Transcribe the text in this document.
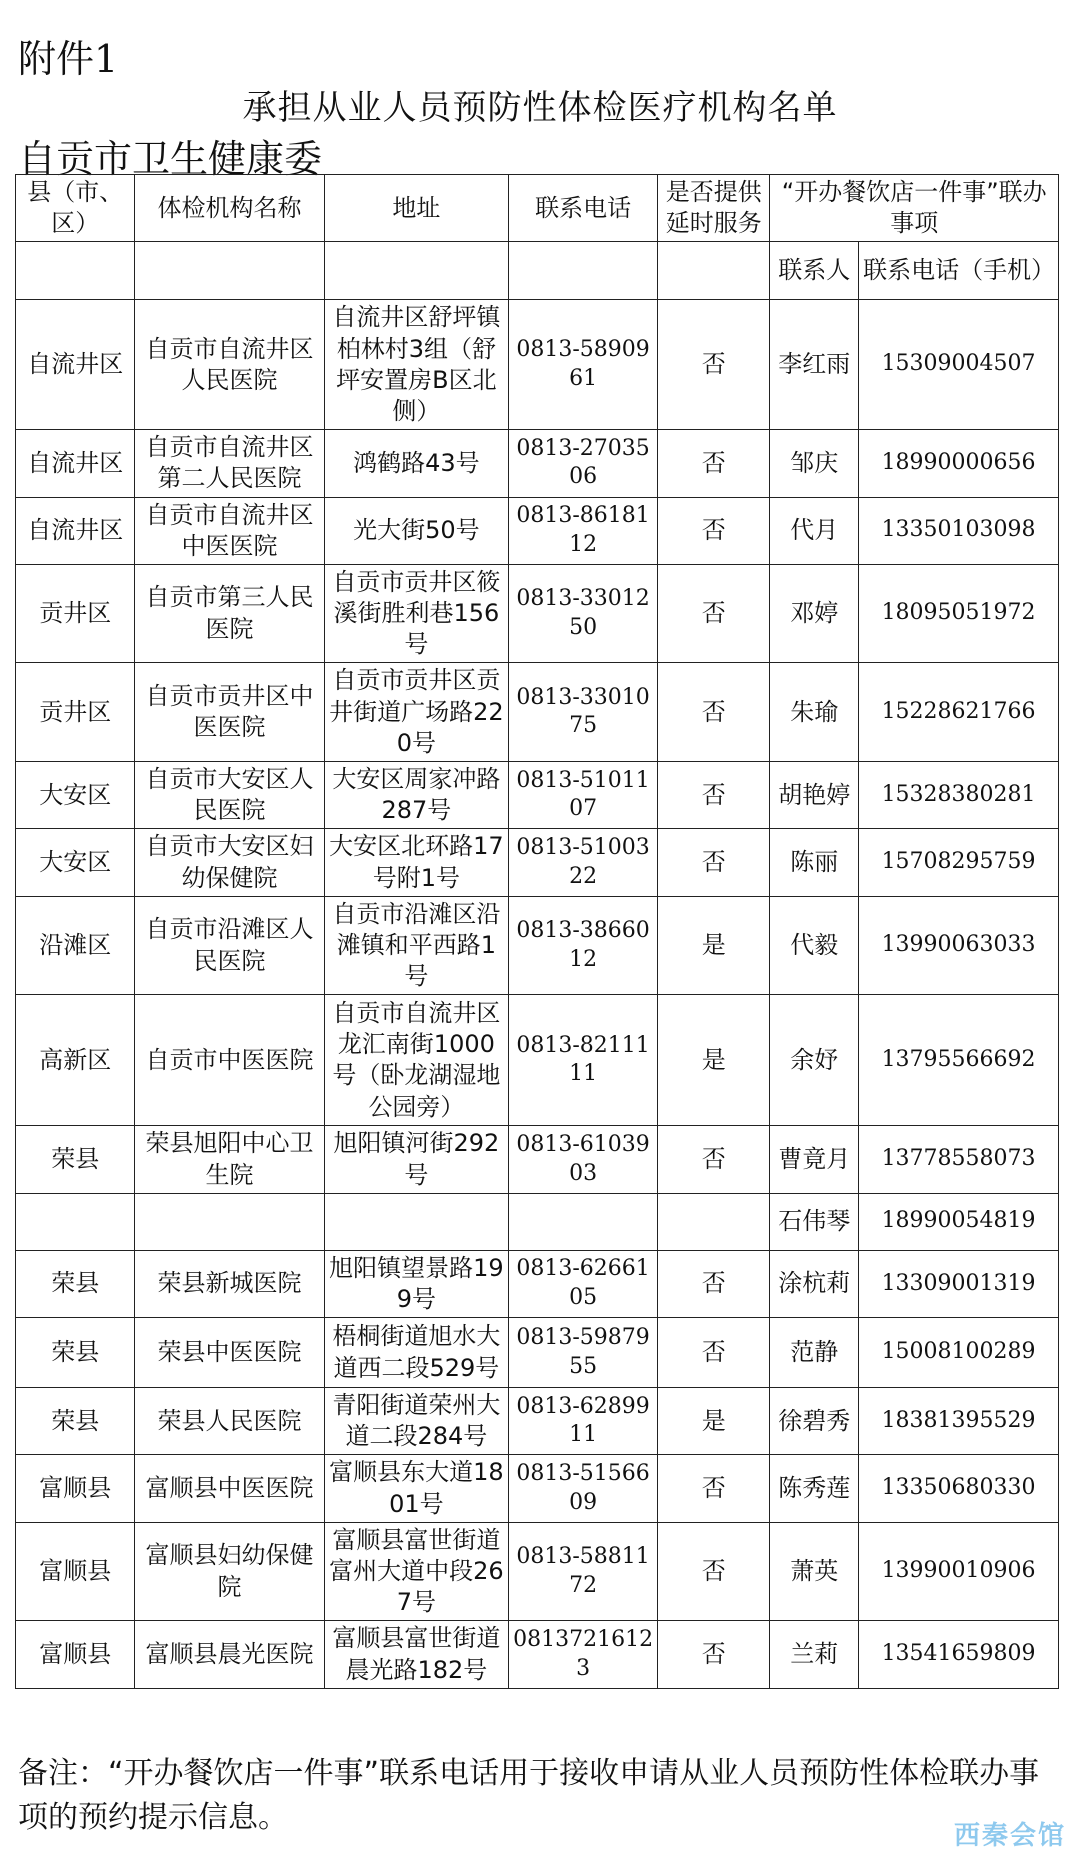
附件1
承担从业人员预防性体检医疗机构名单
自贡市卫生健康委
县（市、区）	体检机构名称	地址	联系电话	是否提供延时服务	“开办餐饮店一件事”联办事项	
					联系人	联系电话（手机）
自流井区	自贡市自流井区人民医院	自流井区舒坪镇柏林村3组（舒坪安置房B区北侧）	0813-5890961	否	李红雨	15309004507
自流井区	自贡市自流井区第二人民医院	鸿鹤路43号	0813-2703506	否	邹庆	18990000656
自流井区	自贡市自流井区中医医院	光大街50号	0813-8618112	否	代月	13350103098
贡井区	自贡市第三人民医院	自贡市贡井区筱溪街胜利巷156号	0813-3301250	否	邓婷	18095051972
贡井区	自贡市贡井区中医医院	自贡市贡井区贡井街道广场路220号	0813-3301075	否	朱瑜	15228621766
大安区	自贡市大安区人民医院	大安区周家冲路287号	0813-5101107	否	胡艳婷	15328380281
大安区	自贡市大安区妇幼保健院	大安区北环路17号附1号	0813-5100322	否	陈丽	15708295759
沿滩区	自贡市沿滩区人民医院	自贡市沿滩区沿滩镇和平西路1号	0813-3866012	是	代毅	13990063033
高新区	自贡市中医医院	自贡市自流井区龙汇南街1000号（卧龙湖湿地公园旁）	0813-8211111	是	余妤	13795566692
荣县	荣县旭阳中心卫生院	旭阳镇河街292号	0813-6103903	否	曹竟月	13778558073
					石伟琴	18990054819
荣县	荣县新城医院	旭阳镇望景路199号	0813-6266105	否	涂杭莉	13309001319
荣县	荣县中医医院	梧桐街道旭水大道西二段529号	0813-5987955	否	范静	15008100289
荣县	荣县人民医院	青阳街道荣州大道二段284号	0813-6289911	是	徐碧秀	18381395529
富顺县	富顺县中医医院	富顺县东大道1801号	0813-5156609	否	陈秀莲	13350680330
富顺县	富顺县妇幼保健院	富顺县富世街道富州大道中段267号	0813-5881172	否	萧英	13990010906
富顺县	富顺县晨光医院	富顺县富世街道晨光路182号	08137216123	否	兰莉	13541659809
备注：“开办餐饮店一件事”联系电话用于接收申请从业人员预防性体检联办事项的预约提示信息。
西秦会馆
